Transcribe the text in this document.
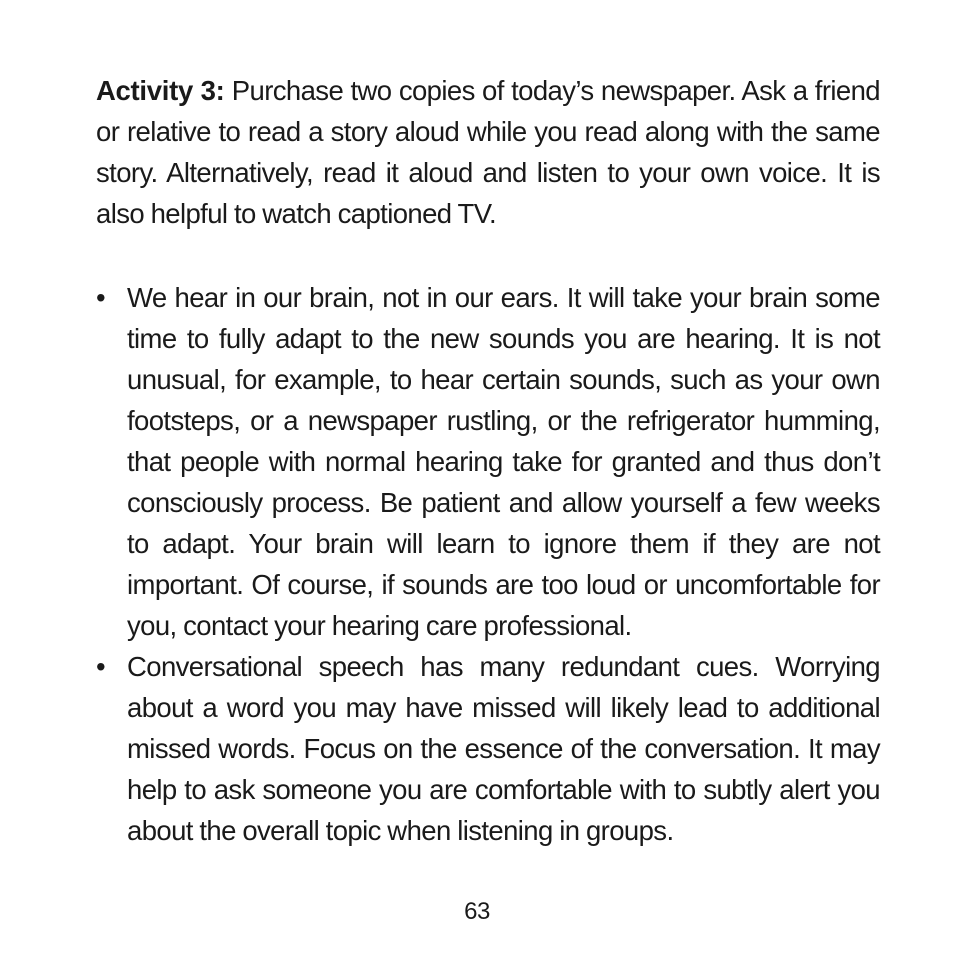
Activity 3: Purchase two copies of today’s newspaper. Ask a friend or relative to read a story aloud while you read along with the same story. Alternatively, read it aloud and listen to your own voice. It is also helpful to watch captioned TV.

• We hear in our brain, not in our ears. It will take your brain some time to fully adapt to the new sounds you are hearing. It is not unusual, for example, to hear certain sounds, such as your own footsteps, or a newspaper rustling, or the refrigerator humming, that people with normal hearing take for granted and thus don’t consciously process. Be patient and allow yourself a few weeks to adapt. Your brain will learn to ignore them if they are not important. Of course, if sounds are too loud or uncomfortable for you, contact your hearing care professional.
• Conversational speech has many redundant cues. Worrying about a word you may have missed will likely lead to additional missed words. Focus on the essence of the conversation. It may help to ask someone you are comfortable with to subtly alert you about the overall topic when listening in groups.
63
